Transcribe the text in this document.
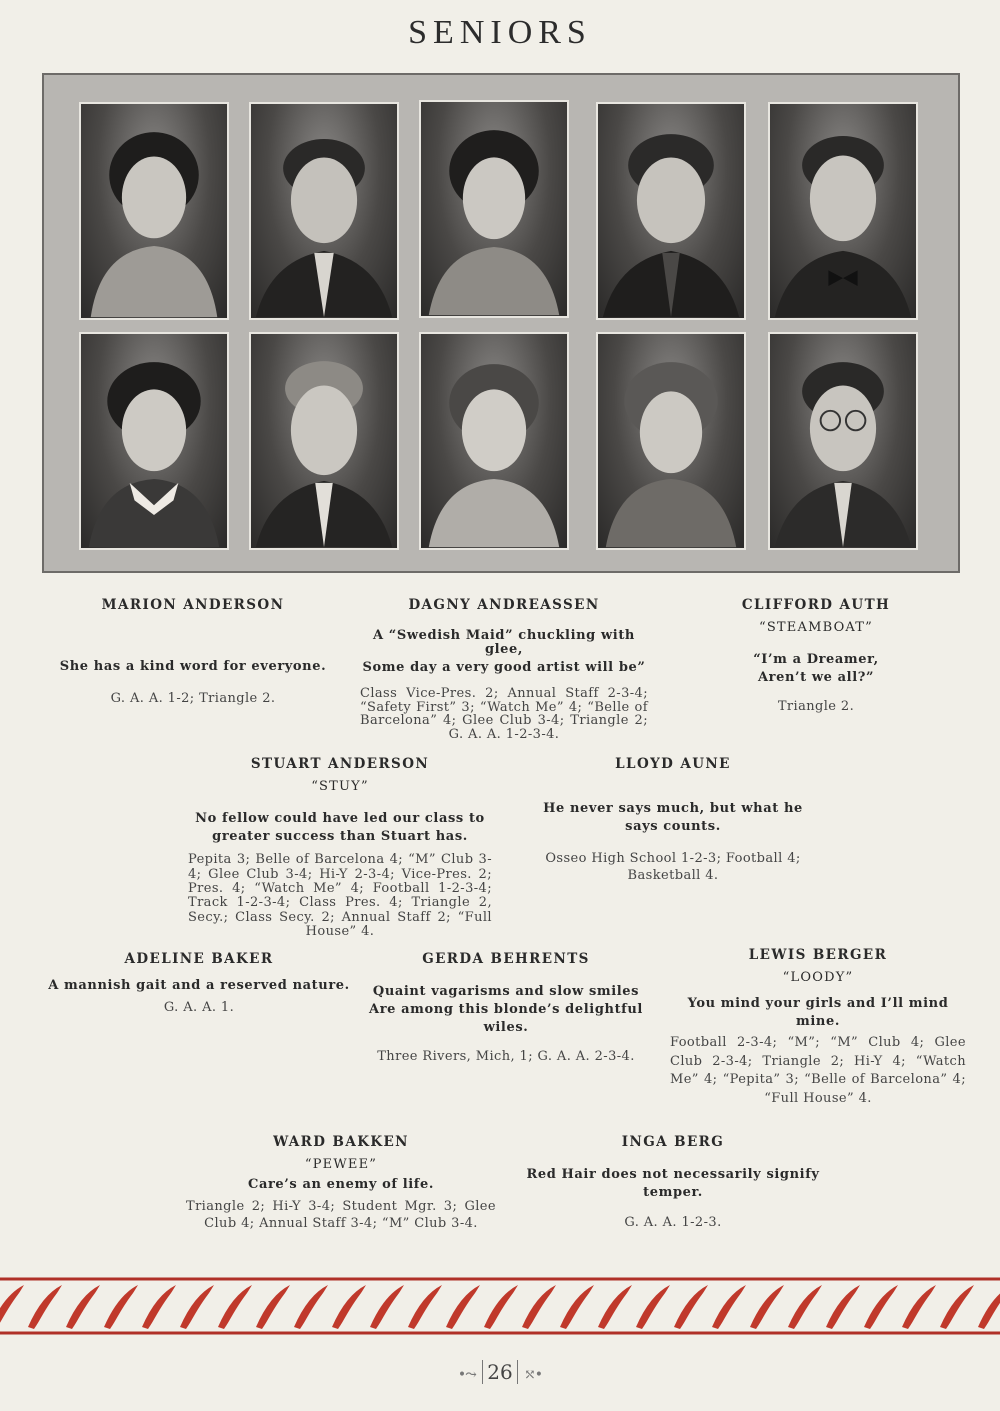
SENIORS
MARION ANDERSON
She has a kind word for everyone.
G. A. A. 1-2; Triangle 2.
DAGNY ANDREASSEN
A “Swedish Maid” chuckling with glee,
Some day a very good artist will be”
Class Vice-Pres. 2; Annual Staff 2-3-4; “Safety First” 3; “Watch Me” 4; “Belle of Barcelona” 4; Glee Club 3-4; Triangle 2; G. A. A. 1-2-3-4.
CLIFFORD AUTH
“STEAMBOAT”
“I’m a Dreamer,
Aren’t we all?”
Triangle 2.
STUART ANDERSON
“STUY”
No fellow could have led our class to greater success than Stuart has.
Pepita 3; Belle of Barcelona 4; “M” Club 3-4; Glee Club 3-4; Hi-Y 2-3-4; Vice-Pres. 2; Pres. 4; “Watch Me” 4; Football 1-2-3-4; Track 1-2-3-4; Class Pres. 4; Triangle 2, Secy.; Class Secy. 2; Annual Staff 2; “Full House” 4.
LLOYD AUNE
He never says much, but what he says counts.
Osseo High School 1-2-3; Football 4; Basketball 4.
ADELINE BAKER
A mannish gait and a reserved nature.
G. A. A. 1.
GERDA BEHRENTS
Quaint vagarisms and slow smiles Are among this blonde’s delightful wiles.
Three Rivers, Mich, 1; G. A. A. 2-3-4.
LEWIS BERGER
“LOODY”
You mind your girls and I’ll mind mine.
Football 2-3-4; “M”; “M” Club 4; Glee Club 2-3-4; Triangle 2; Hi-Y 4; “Watch Me” 4; “Pepita” 3; “Belle of Barcelona” 4; “Full House” 4.
WARD BAKKEN
“PEWEE”
Care’s an enemy of life.
Triangle 2; Hi-Y 3-4; Student Mgr. 3; Glee Club 4; Annual Staff 3-4; “M” Club 3-4.
INGA BERG
Red Hair does not necessarily signify temper.
G. A. A. 1-2-3.
•⤳ 26 ⤲•
